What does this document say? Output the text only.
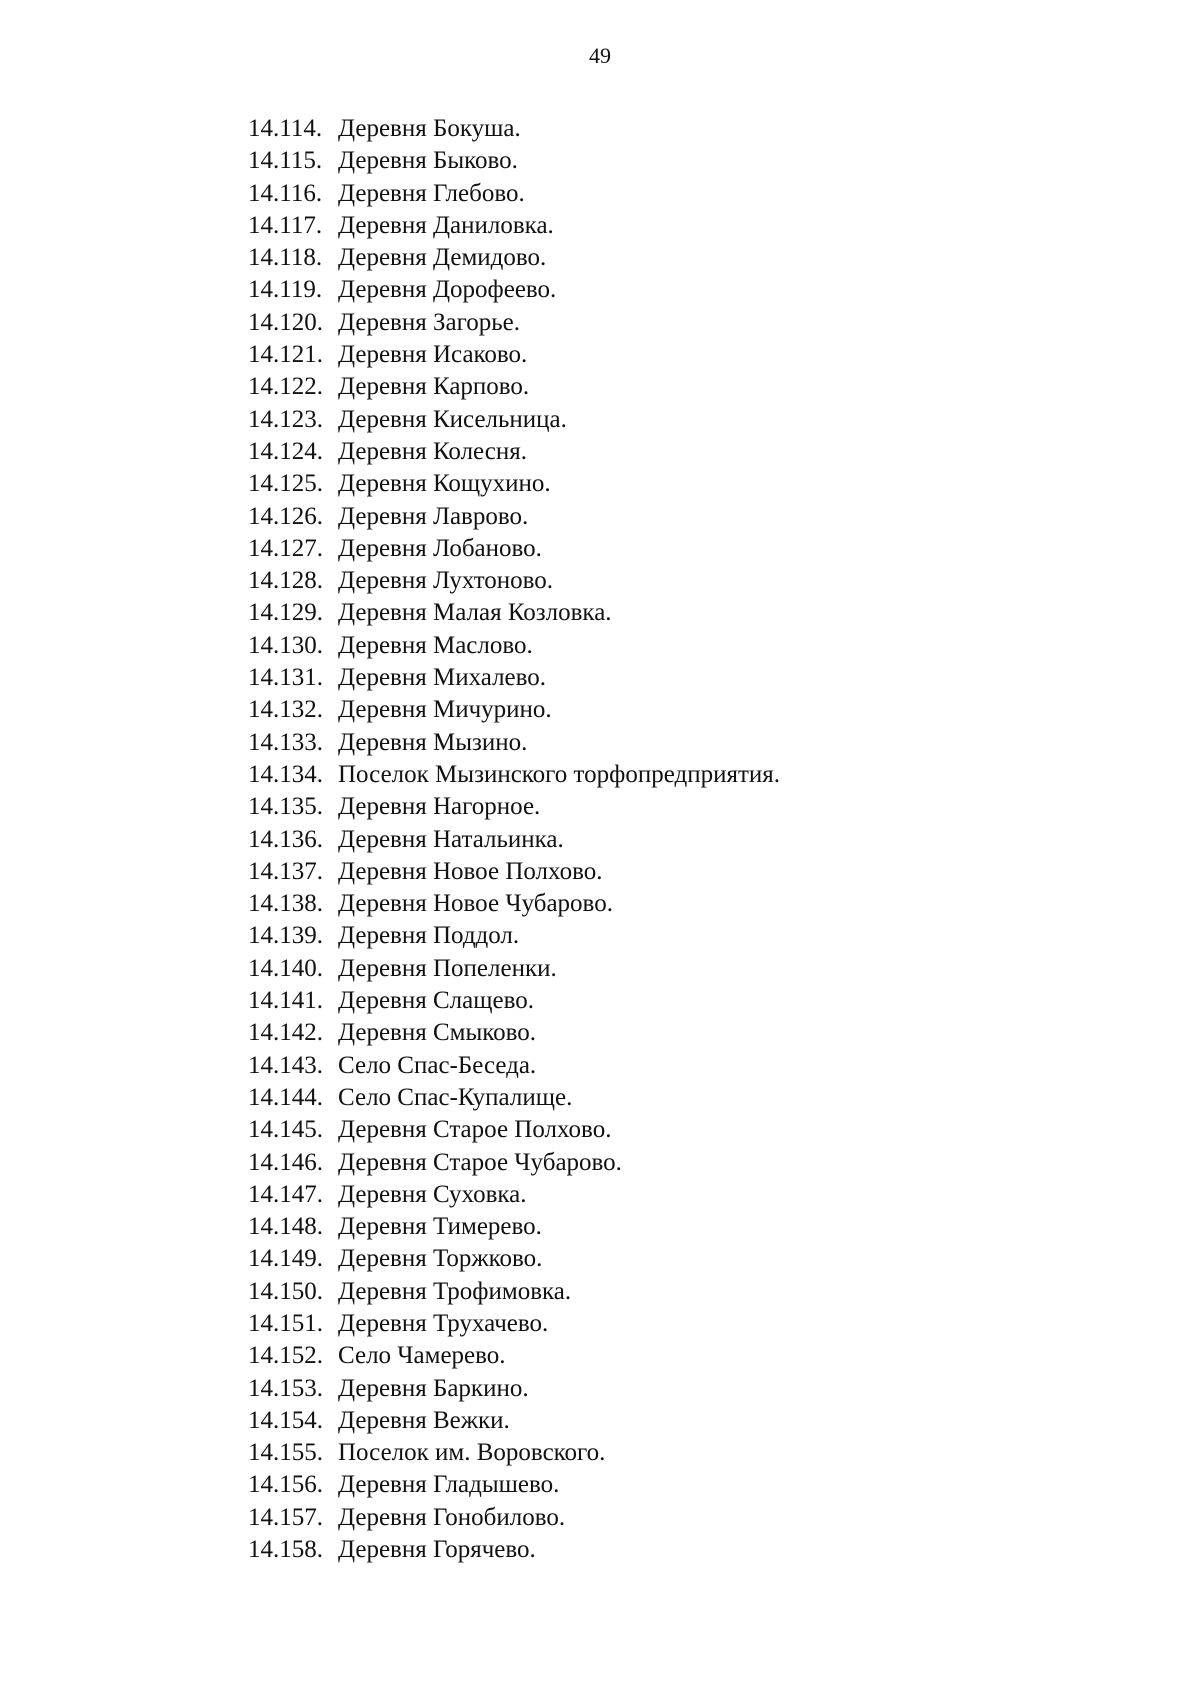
49
14.114. Деревня Бокуша.
14.115. Деревня Быково.
14.116. Деревня Глебово.
14.117. Деревня Даниловка.
14.118. Деревня Демидово.
14.119. Деревня Дорофеево.
14.120. Деревня Загорье.
14.121. Деревня Исаково.
14.122. Деревня Карпово.
14.123. Деревня Кисельница.
14.124. Деревня Колесня.
14.125. Деревня Кощухино.
14.126. Деревня Лаврово.
14.127. Деревня Лобаново.
14.128. Деревня Лухтоново.
14.129. Деревня Малая Козловка.
14.130. Деревня Маслово.
14.131. Деревня Михалево.
14.132. Деревня Мичурино.
14.133. Деревня Мызино.
14.134. Поселок Мызинского торфопредприятия.
14.135. Деревня Нагорное.
14.136. Деревня Натальинка.
14.137. Деревня Новое Полхово.
14.138. Деревня Новое Чубарово.
14.139. Деревня Поддол.
14.140. Деревня Попеленки.
14.141. Деревня Слащево.
14.142. Деревня Смыково.
14.143. Село Спас-Беседа.
14.144. Село Спас-Купалище.
14.145. Деревня Старое Полхово.
14.146. Деревня Старое Чубарово.
14.147. Деревня Суховка.
14.148. Деревня Тимерево.
14.149. Деревня Торжково.
14.150. Деревня Трофимовка.
14.151. Деревня Трухачево.
14.152. Село Чамерево.
14.153. Деревня Баркино.
14.154. Деревня Вежки.
14.155. Поселок им. Воровского.
14.156. Деревня Гладышево.
14.157. Деревня Гонобилово.
14.158. Деревня Горячево.
